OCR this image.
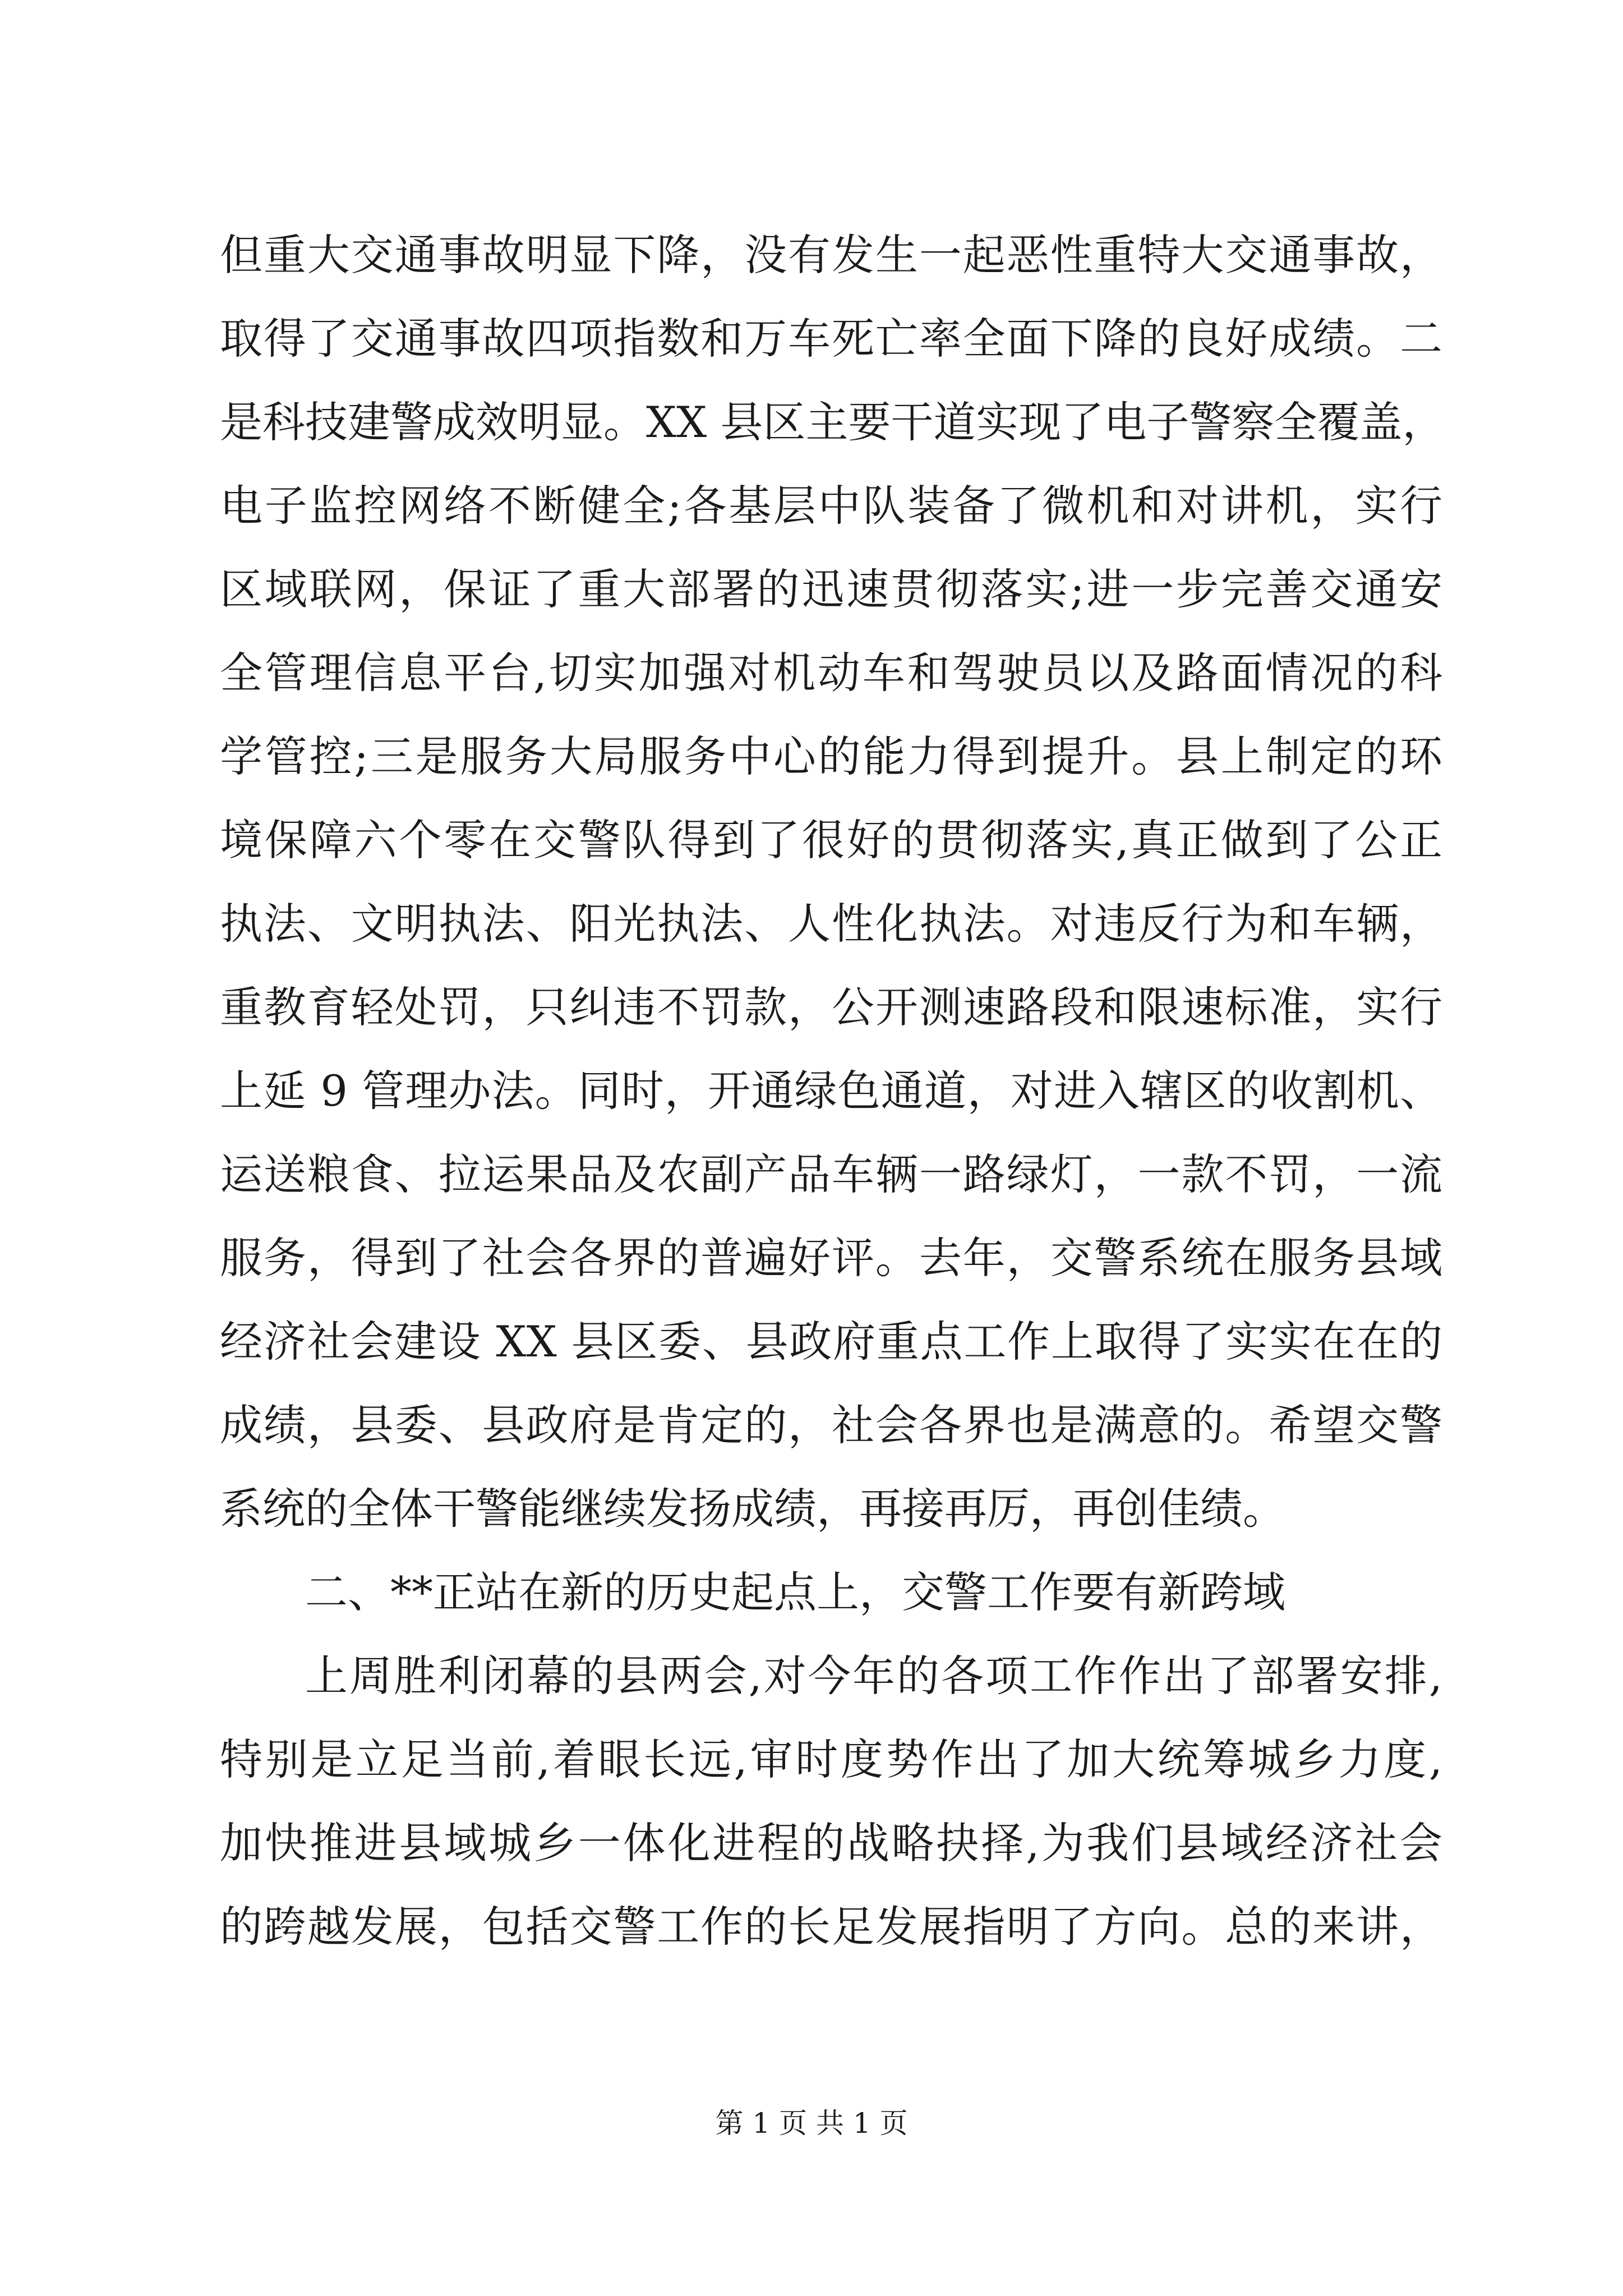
但重大交通事故明显下降，没有发生一起恶性重特大交通事故，
取得了交通事故四项指数和万车死亡率全面下降的良好成绩。二
是科技建警成效明显。XX 县区主要干道实现了电子警察全覆盖，
电子监控网络不断健全;各基层中队装备了微机和对讲机，实行
区域联网，保证了重大部署的迅速贯彻落实;进一步完善交通安
全管理信息平台,切实加强对机动车和驾驶员以及路面情况的科
学管控;三是服务大局服务中心的能力得到提升。县上制定的环
境保障六个零在交警队得到了很好的贯彻落实,真正做到了公正
执法、文明执法、阳光执法、人性化执法。对违反行为和车辆，
重教育轻处罚，只纠违不罚款，公开测速路段和限速标准，实行
上延 9 管理办法。同时，开通绿色通道，对进入辖区的收割机、
运送粮食、拉运果品及农副产品车辆一路绿灯，一款不罚，一流
服务，得到了社会各界的普遍好评。去年，交警系统在服务县域
经济社会建设 XX 县区委、县政府重点工作上取得了实实在在的
成绩，县委、县政府是肯定的，社会各界也是满意的。希望交警
系统的全体干警能继续发扬成绩，再接再厉，再创佳绩。
二、**正站在新的历史起点上，交警工作要有新跨域
上周胜利闭幕的县两会,对今年的各项工作作出了部署安排,
特别是立足当前,着眼长远,审时度势作出了加大统筹城乡力度,
加快推进县域城乡一体化进程的战略抉择,为我们县域经济社会
的跨越发展，包括交警工作的长足发展指明了方向。总的来讲，
第 1 页 共 1 页
